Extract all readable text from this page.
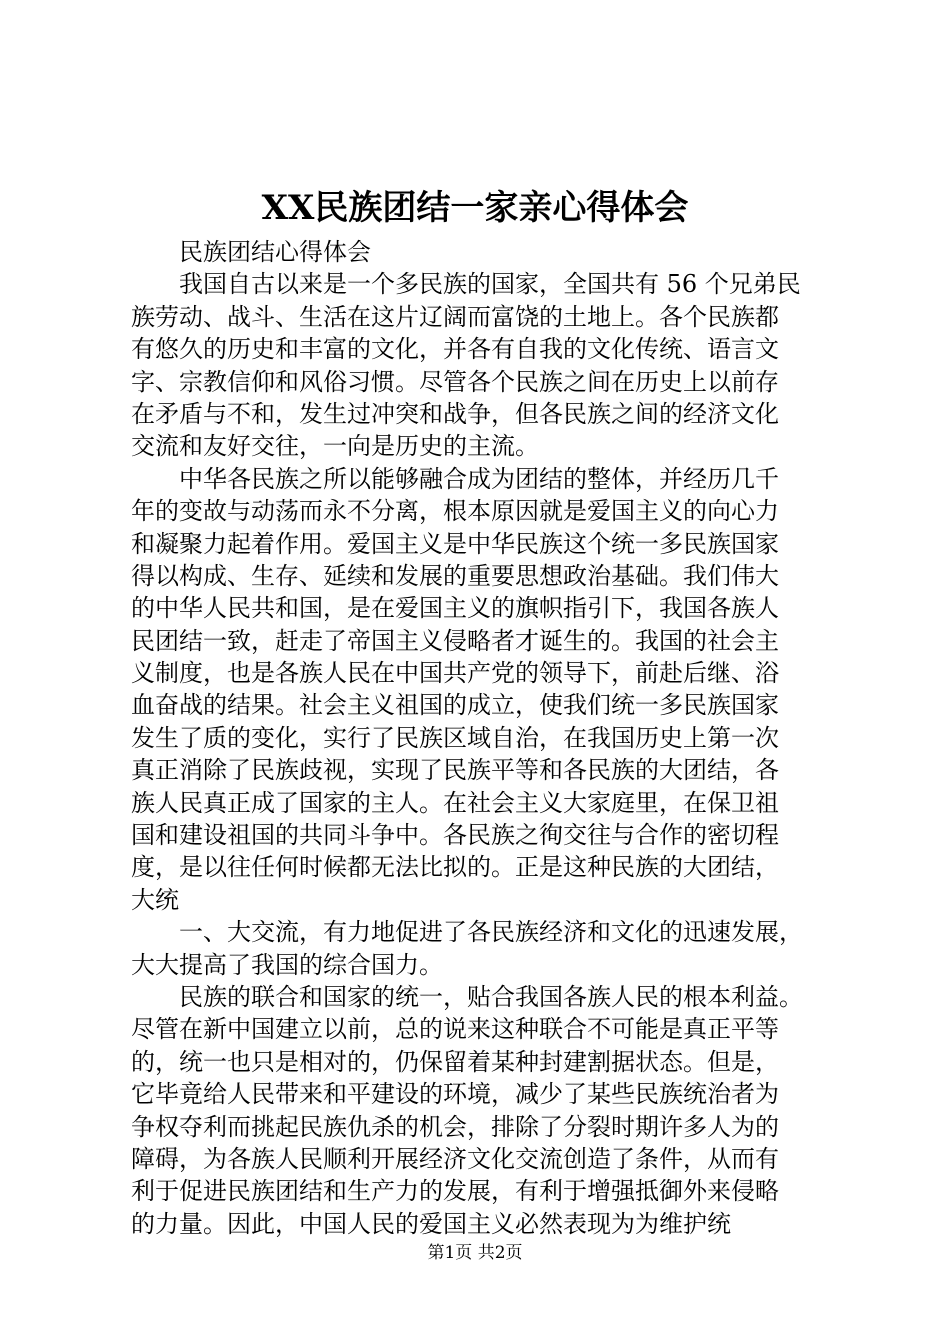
XX民族团结一家亲心得体会
民族团结心得体会
我国自古以来是一个多民族的国家，全国共有 56 个兄弟民
族劳动、战斗、生活在这片辽阔而富饶的土地上。各个民族都
有悠久的历史和丰富的文化，并各有自我的文化传统、语言文
字、宗教信仰和风俗习惯。尽管各个民族之间在历史上以前存
在矛盾与不和，发生过冲突和战争，但各民族之间的经济文化
交流和友好交往，一向是历史的主流。
中华各民族之所以能够融合成为团结的整体，并经历几千
年的变故与动荡而永不分离，根本原因就是爱国主义的向心力
和凝聚力起着作用。爱国主义是中华民族这个统一多民族国家
得以构成、生存、延续和发展的重要思想政治基础。我们伟大
的中华人民共和国，是在爱国主义的旗帜指引下，我国各族人
民团结一致，赶走了帝国主义侵略者才诞生的。我国的社会主
义制度，也是各族人民在中国共产党的领导下，前赴后继、浴
血奋战的结果。社会主义祖国的成立，使我们统一多民族国家
发生了质的变化，实行了民族区域自治，在我国历史上第一次
真正消除了民族歧视，实现了民族平等和各民族的大团结，各
族人民真正成了国家的主人。在社会主义大家庭里，在保卫祖
国和建设祖国的共同斗争中。各民族之徇交往与合作的密切程
度，是以往任何时候都无法比拟的。正是这种民族的大团结，
大统
一、大交流，有力地促进了各民族经济和文化的迅速发展，
大大提高了我国的综合国力。
民族的联合和国家的统一，贴合我国各族人民的根本利益。
尽管在新中国建立以前，总的说来这种联合不可能是真正平等
的，统一也只是相对的，仍保留着某种封建割据状态。但是，
它毕竟给人民带来和平建设的环境，减少了某些民族统治者为
争权夺利而挑起民族仇杀的机会，排除了分裂时期许多人为的
障碍，为各族人民顺利开展经济文化交流创造了条件，从而有
利于促进民族团结和生产力的发展，有利于增强抵御外来侵略
的力量。因此，中国人民的爱国主义必然表现为为维护统
第1页 共2页
